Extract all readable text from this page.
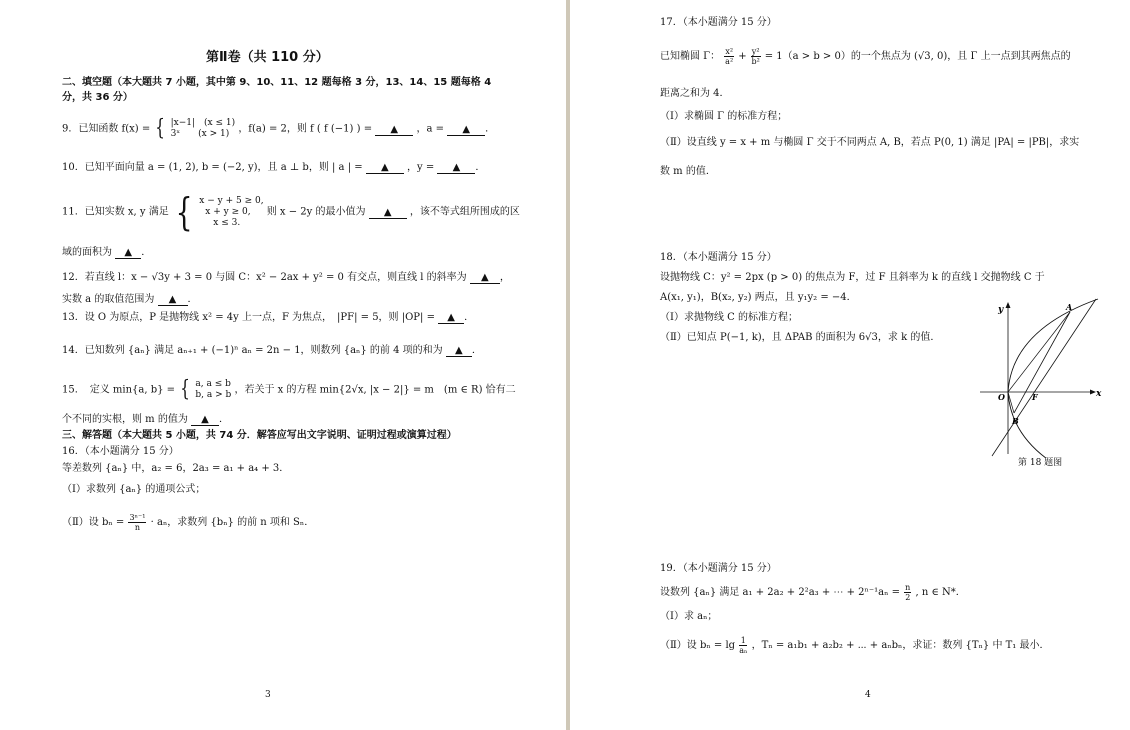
第Ⅱ卷（共 110 分）
二、填空题（本大题共 7 小题，其中第 9、10、11、12 题每格 3 分，13、14、15 题每格 4
分，共 36 分）
9．已知函数 f(x) = { |x−1|　(x ≤ 1)
3ˣ　　(x > 1) ，f(a) = 2，则 f ( f (−1) ) = ▲ ，a = ▲ ．
10．已知平面向量 a = (1, 2), b = (−2, y)，且 a ⊥ b，则 | a | = ▲ ，y = ▲ ．
11．已知实数 x, y 满足 { x − y + 5 ≥ 0,
x + y ≥ 0,
x ≤ 3.
则 x − 2y 的最小值为 ▲ ，该不等式组所围成的区
域的面积为 ▲ ．
12．若直线 l：x − √3y + 3 = 0 与圆 C：x² − 2ax + y² = 0 有交点，则直线 l 的斜率为 ▲ ，
实数 a 的取值范围为 ▲ ．
13．设 O 为原点，P 是抛物线 x² = 4y 上一点，F 为焦点，　|PF| = 5，则 |OP| = ▲ ．
14．已知数列 {aₙ} 满足 aₙ₊₁ + (−1)ⁿ aₙ = 2n − 1，则数列 {aₙ} 的前 4 项的和为 ▲ ．
15．　定义 min{a, b} = { a, a ≤ b
b, a > b ，若关于 x 的方程 min{2√x, |x − 2|} = m　(m ∈ R) 恰有二
个不同的实根，则 m 的值为 ▲ ．
三、解答题（本大题共 5 小题，共 74 分．解答应写出文字说明、证明过程或演算过程）
16．（本小题满分 15 分）
等差数列 {aₙ} 中，a₂ = 6，2a₃ = a₁ + a₄ + 3．
（Ⅰ）求数列 {aₙ} 的通项公式；
（Ⅱ）设 $b_n = \frac{\text{3ⁿ⁻¹}}{n} \cdot a_n$，求数列 {bₙ} 的前 n 项和 Sₙ．
3
17．（本小题满分 15 分）
已知椭圆 Γ： $\frac{\text{x²}}{\text{a²}} + \frac{\text{y²}}{\text{b²}} = 1(a > b > 0)$的一个焦点为 (√3, 0)，且 Γ 上一点到其两焦点的
距离之和为 4．
（Ⅰ）求椭圆 Γ 的标准方程；
（Ⅱ）设直线 y = x + m 与椭圆 Γ 交于不同两点 A, B，若点 P(0, 1) 满足 |PA| = |PB|，求实
数 m 的值．
18．（本小题满分 15 分）
设抛物线 C：y² = 2px (p > 0) 的焦点为 F，过 F 且斜率为 k 的直线 l 交抛物线 C 于
A(x₁, y₁)，B(x₂, y₂) 两点，且 y₁y₂ = −4．
（Ⅰ）求抛物线 C 的标准方程；
（Ⅱ）已知点 P(−1, k)，且 ΔPAB 的面积为 6√3，求 k 的值．
x
y
O	F
A
B
第 18 题图
19．（本小题满分 15 分）
设数列 {aₙ} 满足 a₁ + 2a₂ + 2²a₃ + ⋯ + $2^{n-1}a_n = \frac{n}{2}$ , n ∈ N*．
（Ⅰ）求 aₙ；
（Ⅱ）设 $b_n = \lg \frac{1}{\text{aₙ}}$ ，Tₙ = a₁b₁ + a₂b₂ + ⋯ + aₙbₙ，求证：数列 {Tₙ} 中 T₁ 最小．
4
